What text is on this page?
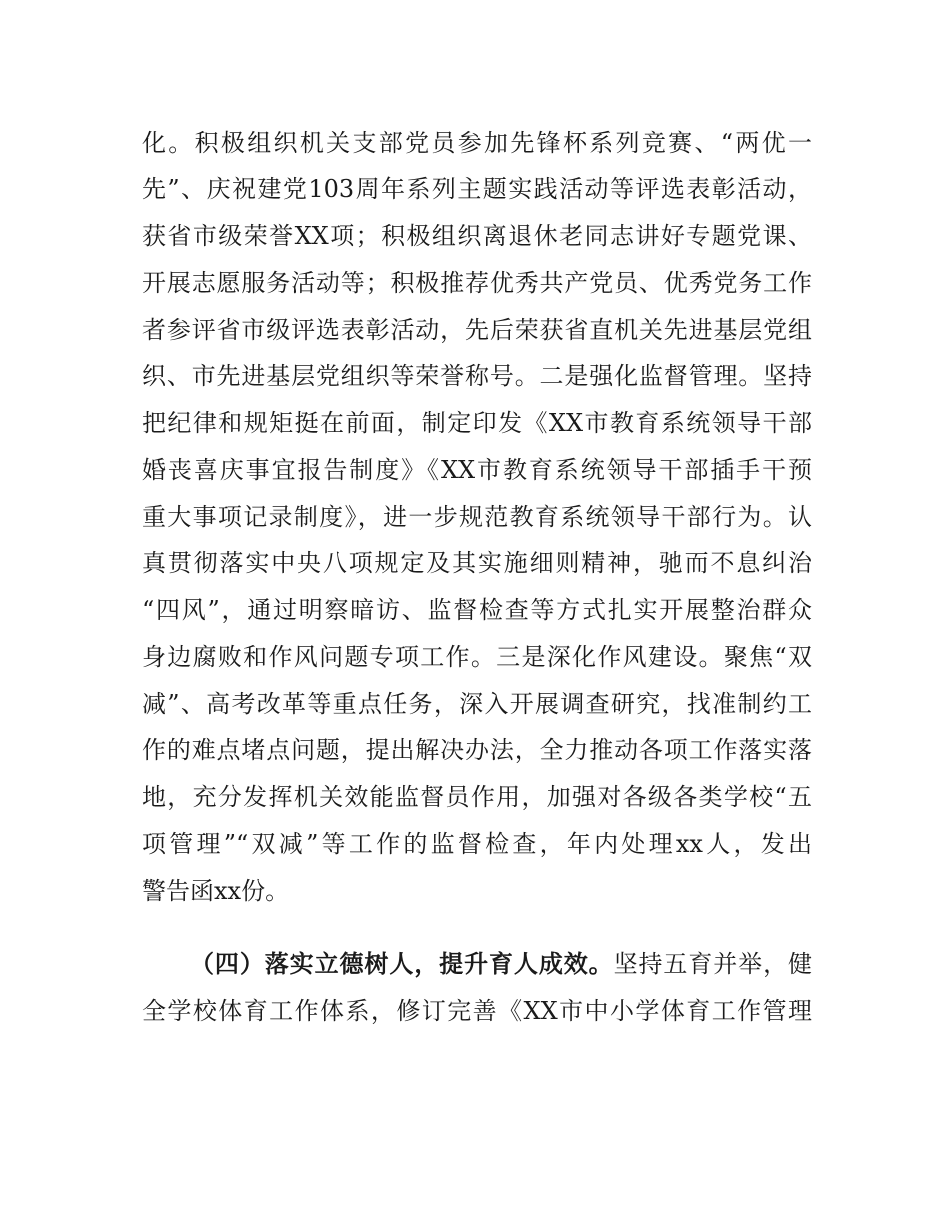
化。积极组织机关支部党员参加先锋杯系列竞赛、“两优一
先”、庆祝建党103周年系列主题实践活动等评选表彰活动，
获省市级荣誉XX项；积极组织离退休老同志讲好专题党课、
开展志愿服务活动等；积极推荐优秀共产党员、优秀党务工作
者参评省市级评选表彰活动，先后荣获省直机关先进基层党组
织、市先进基层党组织等荣誉称号。二是强化监督管理。坚持
把纪律和规矩挺在前面，制定印发《XX市教育系统领导干部
婚丧喜庆事宜报告制度》《XX市教育系统领导干部插手干预
重大事项记录制度》，进一步规范教育系统领导干部行为。认
真贯彻落实中央八项规定及其实施细则精神，驰而不息纠治
“四风”，通过明察暗访、监督检查等方式扎实开展整治群众
身边腐败和作风问题专项工作。三是深化作风建设。聚焦“双
减”、高考改革等重点任务，深入开展调查研究，找准制约工
作的难点堵点问题，提出解决办法，全力推动各项工作落实落
地，充分发挥机关效能监督员作用，加强对各级各类学校“五
项管理”“双减”等工作的监督检查，年内处理xx人，发出
警告函xx份。
（四）落实立德树人，提升育人成效。坚持五育并举，健
全学校体育工作体系，修订完善《XX市中小学体育工作管理
